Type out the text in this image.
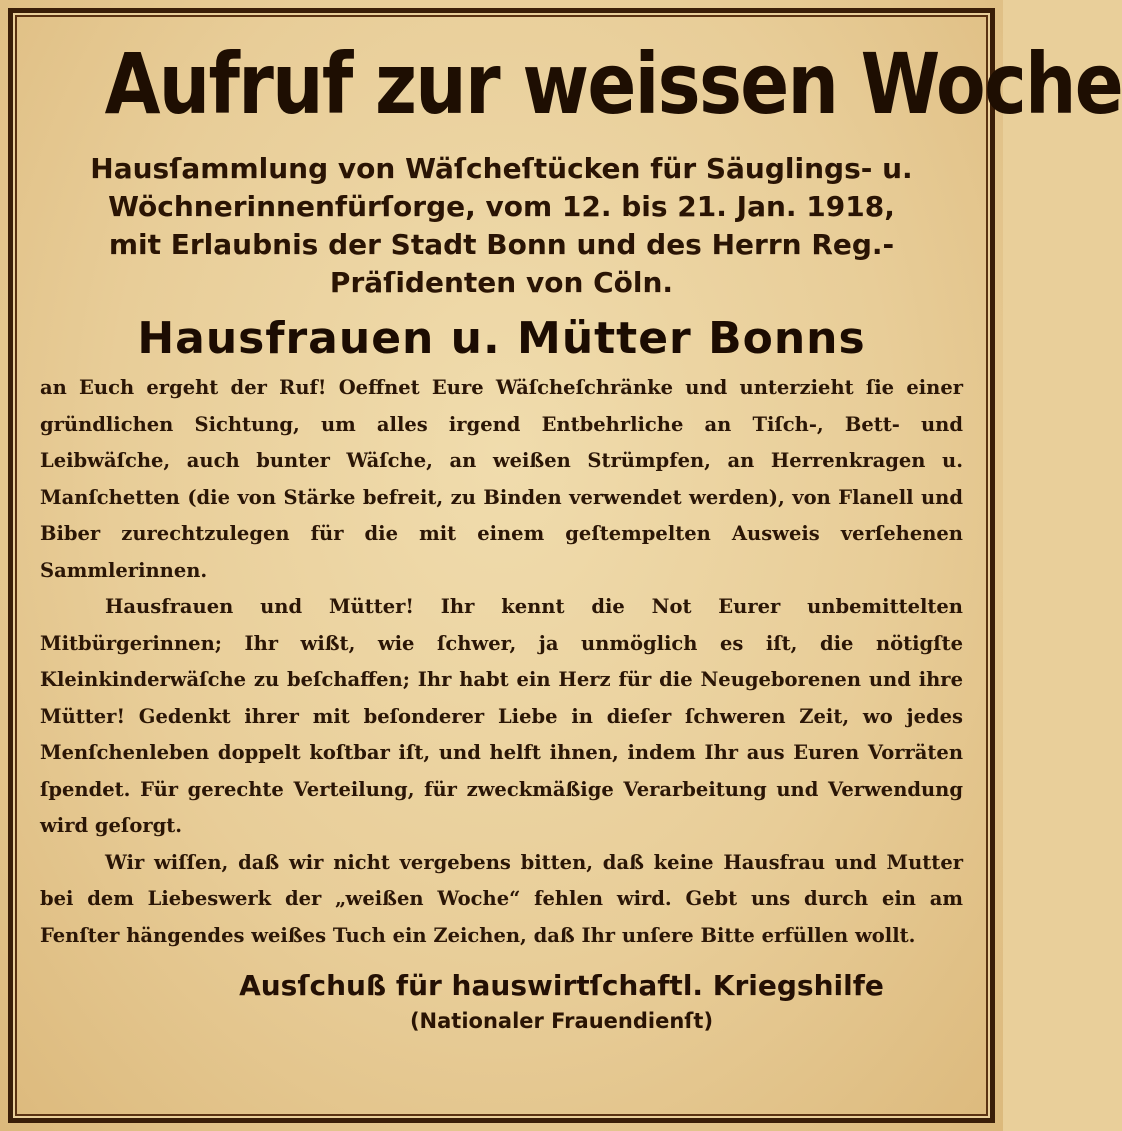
Aufruf zur weissen Woche
Hausſammlung von Wäſcheſtücken für Säuglings- u.
Wöchnerinnenfürſorge, vom 12. bis 21. Jan. 1918,
mit Erlaubnis der Stadt Bonn und des Herrn Reg.-
Präſidenten von Cöln.
Hausfrauen u. Mütter Bonns

an Euch ergeht der Ruf! Oeffnet Eure Wäſcheſchränke und unterzieht ſie einer gründlichen Sichtung, um alles irgend Entbehrliche an Tiſch-, Bett- und Leibwäſche, auch bunter Wäſche, an weißen Strümpfen, an Herrenkragen u. Manſchetten (die von Stärke befreit, zu Binden verwendet werden), von Flanell und Biber zurechtzulegen für die mit einem geſtempelten Ausweis verſehenen Sammlerinnen.

Hausfrauen und Mütter! Ihr kennt die Not Eurer unbemittelten Mitbürgerinnen; Ihr wißt, wie ſchwer, ja unmöglich es iſt, die nötigſte Kleinkinderwäſche zu beſchaffen; Ihr habt ein Herz für die Neugeborenen und ihre Mütter! Gedenkt ihrer mit beſonderer Liebe in dieſer ſchweren Zeit, wo jedes Menſchenleben doppelt koſtbar iſt, und helft ihnen, indem Ihr aus Euren Vorräten ſpendet. Für gerechte Verteilung, für zweckmäßige Verarbeitung und Verwendung wird geſorgt.

Wir wiſſen, daß wir nicht vergebens bitten, daß keine Hausfrau und Mutter bei dem Liebeswerk der „weißen Woche“ fehlen wird. Gebt uns durch ein am Fenſter hängendes weißes Tuch ein Zeichen, daß Ihr unſere Bitte erfüllen wollt.

Ausſchuß für hauswirtſchaftl. Kriegshilfe
(Nationaler Frauendienſt)
